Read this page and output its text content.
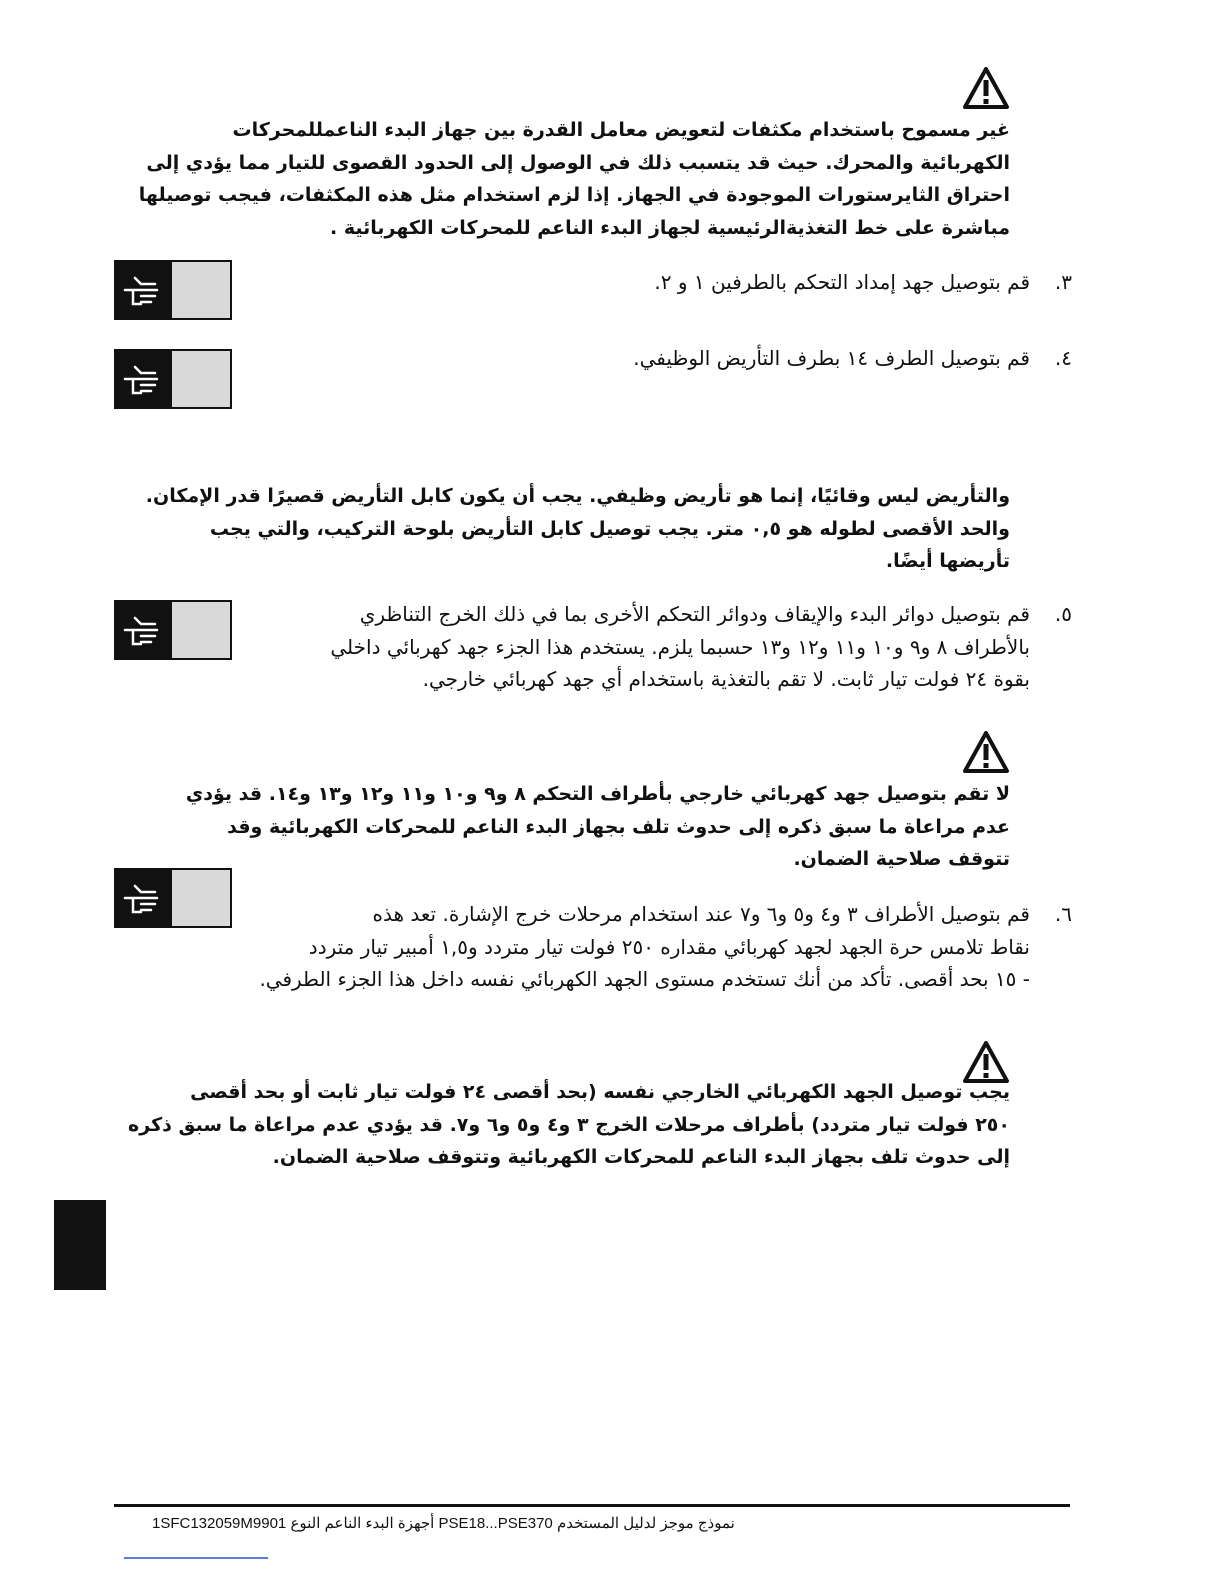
غير مسموح باستخدام مكثفات لتعويض معامل القدرة بين جهاز البدء الناعمللمحركات

الكهربائية والمحرك. حيث قد يتسبب ذلك في الوصول إلى الحدود القصوى للتيار مما يؤدي إلى

احتراق الثايرستورات الموجودة في الجهاز. إذا لزم استخدام مثل هذه المكثفات، فيجب توصيلها

مباشرة على خط التغذيةالرئيسية لجهاز البدء الناعم للمحركات الكهربائية .

٣.قم بتوصيل جهد إمداد التحكم بالطرفين ١ و ٢.

٤.قم بتوصيل الطرف ١٤ بطرف التأريض الوظيفي.

والتأريض ليس وقائيًا، إنما هو تأريض وظيفي. يجب أن يكون كابل التأريض قصيرًا قدر الإمكان.

والحد الأقصى لطوله هو ٠,٥ متر. يجب توصيل كابل التأريض بلوحة التركيب، والتي يجب

تأريضها أيضًا.

٥.قم بتوصيل دوائر البدء والإيقاف ودوائر التحكم الأخرى بما في ذلك الخرج التناظري

بالأطراف ٨ و٩ و١٠ و١١ و١٢ و١٣ حسبما يلزم. يستخدم هذا الجزء جهد كهربائي داخلي

بقوة ٢٤ فولت تيار ثابت. لا تقم بالتغذية باستخدام أي جهد كهربائي خارجي.

لا تقم بتوصيل جهد كهربائي خارجي بأطراف التحكم ٨ و٩ و١٠ و١١ و١٢ و١٣ و١٤. قد يؤدي

عدم مراعاة ما سبق ذكره إلى حدوث تلف بجهاز البدء الناعم للمحركات الكهربائية وقد

تتوقف صلاحية الضمان.

٦.قم بتوصيل الأطراف ٣ و٤ و٥ و٦ و٧ عند استخدام مرحلات خرج الإشارة. تعد هذه

نقاط تلامس حرة الجهد لجهد كهربائي مقداره ٢٥٠ فولت تيار متردد و١,٥ أمبير تيار متردد

- ١٥ بحد أقصى. تأكد من أنك تستخدم مستوى الجهد الكهربائي نفسه داخل هذا الجزء الطرفي.

يجب توصيل الجهد الكهربائي الخارجي نفسه (بحد أقصى ٢٤ فولت تيار ثابت أو بحد أقصى

٢٥٠ فولت تيار متردد) بأطراف مرحلات الخرج ٣ و٤ و٥ و٦ و٧. قد يؤدي عدم مراعاة ما سبق ذكره

إلى حدوث تلف بجهاز البدء الناعم للمحركات الكهربائية وتتوقف صلاحية الضمان.

1SFC132059M9901 أجهزة البدء الناعم النوع PSE18...PSE370 نموذج موجز لدليل المستخدم
